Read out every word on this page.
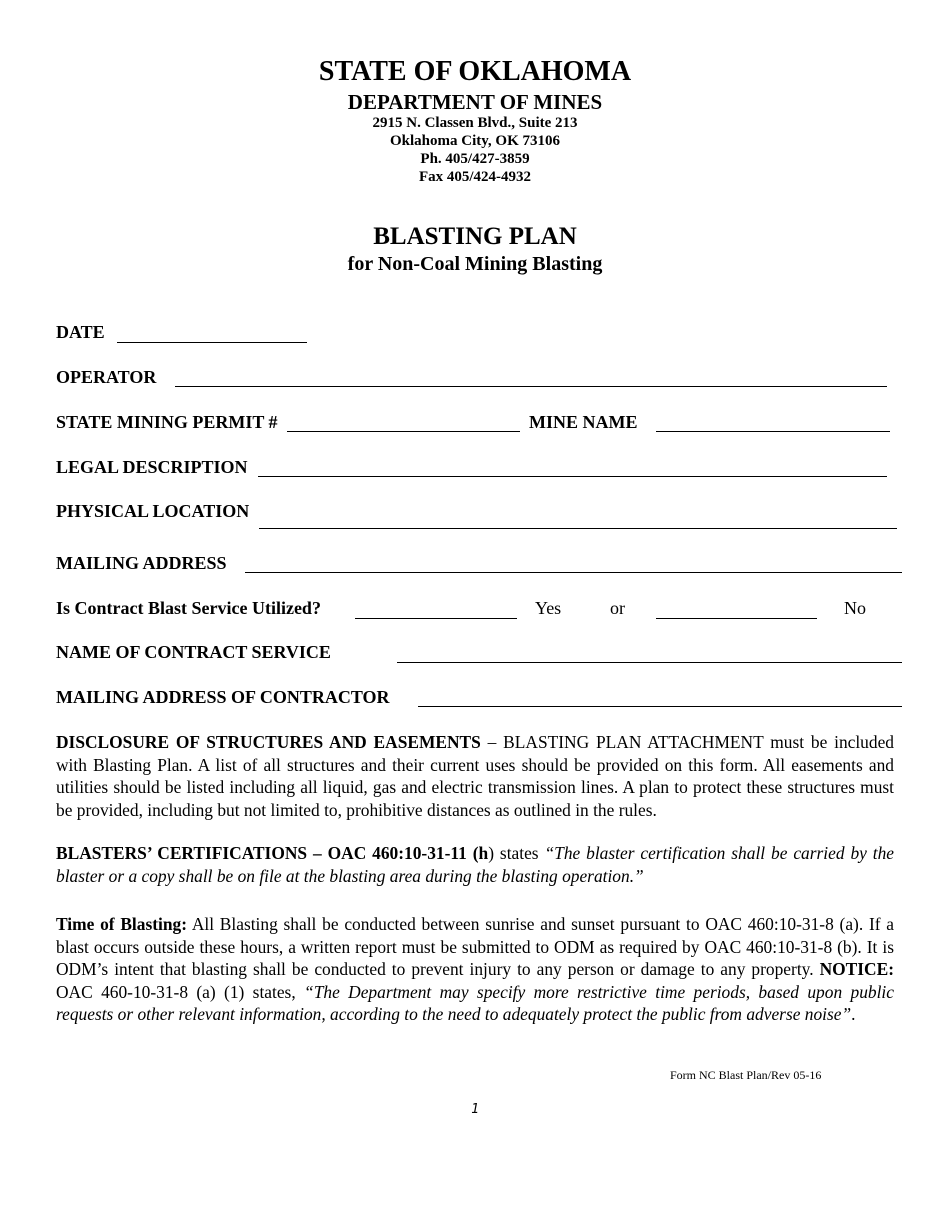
STATE OF OKLAHOMA
DEPARTMENT OF MINES
2915 N. Classen Blvd., Suite 213
Oklahoma City, OK 73106
Ph. 405/427-3859
Fax 405/424-4932
BLASTING PLAN
for Non-Coal Mining Blasting
DATE
OPERATOR
STATE MINING PERMIT #	MINE NAME
LEGAL DESCRIPTION
PHYSICAL LOCATION
MAILING ADDRESS
Is Contract Blast Service Utilized?	Yes	or	No
NAME OF CONTRACT SERVICE
MAILING ADDRESS OF CONTRACTOR
DISCLOSURE OF STRUCTURES AND EASEMENTS – BLASTING PLAN ATTACHMENT must be included with Blasting Plan. A list of all structures and their current uses should be provided on this form. All easements and utilities should be listed including all liquid, gas and electric transmission lines. A plan to protect these structures must be provided, including but not limited to, prohibitive distances as outlined in the rules.
BLASTERS’ CERTIFICATIONS – OAC 460:10-31-11 (h) states “The blaster certification shall be carried by the blaster or a copy shall be on file at the blasting area during the blasting operation.”
Time of Blasting: All Blasting shall be conducted between sunrise and sunset pursuant to OAC 460:10-31-8 (a). If a blast occurs outside these hours, a written report must be submitted to ODM as required by OAC 460:10-31-8 (b). It is ODM’s intent that blasting shall be conducted to prevent injury to any person or damage to any property. NOTICE: OAC 460-10-31-8 (a) (1) states, “The Department may specify more restrictive time periods, based upon public requests or other relevant information, according to the need to adequately protect the public from adverse noise”.
Form NC Blast Plan/Rev 05-16
1
